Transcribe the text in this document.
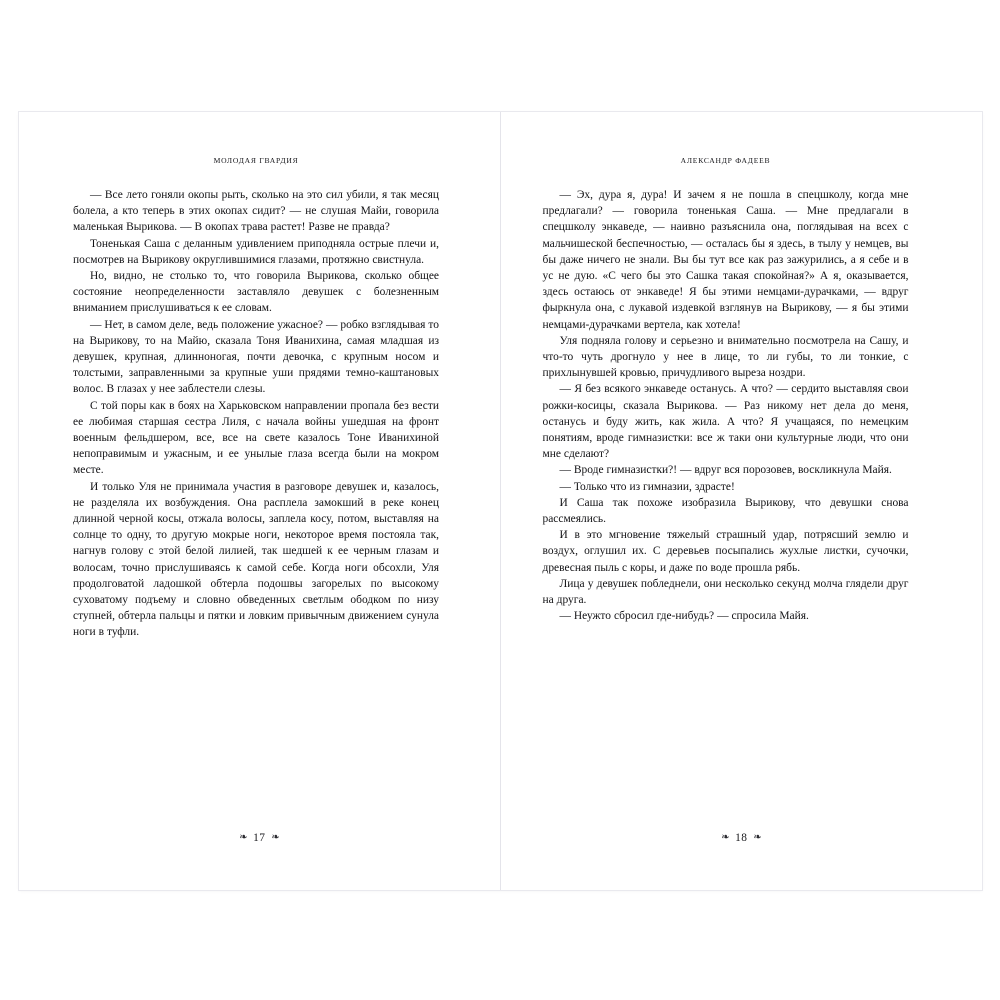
МОЛОДАЯ ГВАРДИЯ

— Все лето гоняли окопы рыть, сколько на это сил убили, я так месяц болела, а кто теперь в этих окопах сидит? — не слушая Майи, говорила маленькая Вырикова. — В окопах трава растет! Разве не правда?

Тоненькая Саша с деланным удивлением приподняла острые плечи и, посмотрев на Вырикову округлившимися глазами, протяжно свистнула.

Но, видно, не столько то, что говорила Вырикова, сколько общее состояние неопределенности заставляло девушек с болезненным вниманием прислушиваться к ее словам.

— Нет, в самом деле, ведь положение ужасное? — робко взглядывая то на Вырикову, то на Майю, сказала Тоня Иванихина, самая младшая из девушек, крупная, длинноногая, почти девочка, с крупным носом и толстыми, заправленными за крупные уши прядями темно-каштановых волос. В глазах у нее заблестели слезы.

С той поры как в боях на Харьковском направлении пропала без вести ее любимая старшая сестра Лиля, с начала войны ушедшая на фронт военным фельдшером, все, все на свете казалось Тоне Иванихиной непоправимым и ужасным, и ее унылые глаза всегда были на мокром месте.

И только Уля не принимала участия в разговоре девушек и, казалось, не разделяла их возбуждения. Она расплела замокший в реке конец длинной черной косы, отжала волосы, заплела косу, потом, выставляя на солнце то одну, то другую мокрые ноги, некоторое время постояла так, нагнув голову с этой белой лилией, так шедшей к ее черным глазам и волосам, точно прислушиваясь к самой себе. Когда ноги обсохли, Уля продолговатой ладошкой обтерла подошвы загорелых по высокому суховатому подъему и словно обведенных светлым ободком по низу ступней, обтерла пальцы и пятки и ловким привычным движением сунула ноги в туфли.

❧ 17 ❧
АЛЕКСАНДР ФАДЕЕВ

— Эх, дура я, дура! И зачем я не пошла в спецшколу, когда мне предлагали? — говорила тоненькая Саша. — Мне предлагали в спецшколу энкаведе, — наивно разъяснила она, поглядывая на всех с мальчишеской беспечностью, — осталась бы я здесь, в тылу у немцев, вы бы даже ничего не знали. Вы бы тут все как раз зажурились, а я себе и в ус не дую. «С чего бы это Сашка такая спокойная?» А я, оказывается, здесь остаюсь от энкаведе! Я бы этими немцами-дурачками, — вдруг фыркнула она, с лукавой издевкой взглянув на Вырикову, — я бы этими немцами-дурачками вертела, как хотела!

Уля подняла голову и серьезно и внимательно посмотрела на Сашу, и что-то чуть дрогнуло у нее в лице, то ли губы, то ли тонкие, с прихлынувшей кровью, причудливого выреза ноздри.

— Я без всякого энкаведе останусь. А что? — сердито выставляя свои рожки-косицы, сказала Вырикова. — Раз никому нет дела до меня, останусь и буду жить, как жила. А что? Я учащаяся, по немецким понятиям, вроде гимназистки: все ж таки они культурные люди, что они мне сделают?

— Вроде гимназистки?! — вдруг вся порозовев, воскликнула Майя.

— Только что из гимназии, здрасте!

И Саша так похоже изобразила Вырикову, что девушки снова рассмеялись.

И в это мгновение тяжелый страшный удар, потрясший землю и воздух, оглушил их. С деревьев посыпались жухлые листки, сучочки, древесная пыль с коры, и даже по воде прошла рябь.

Лица у девушек побледнели, они несколько секунд молча глядели друг на друга.

— Неужто сбросил где-нибудь? — спросила Майя.

❧ 18 ❧
